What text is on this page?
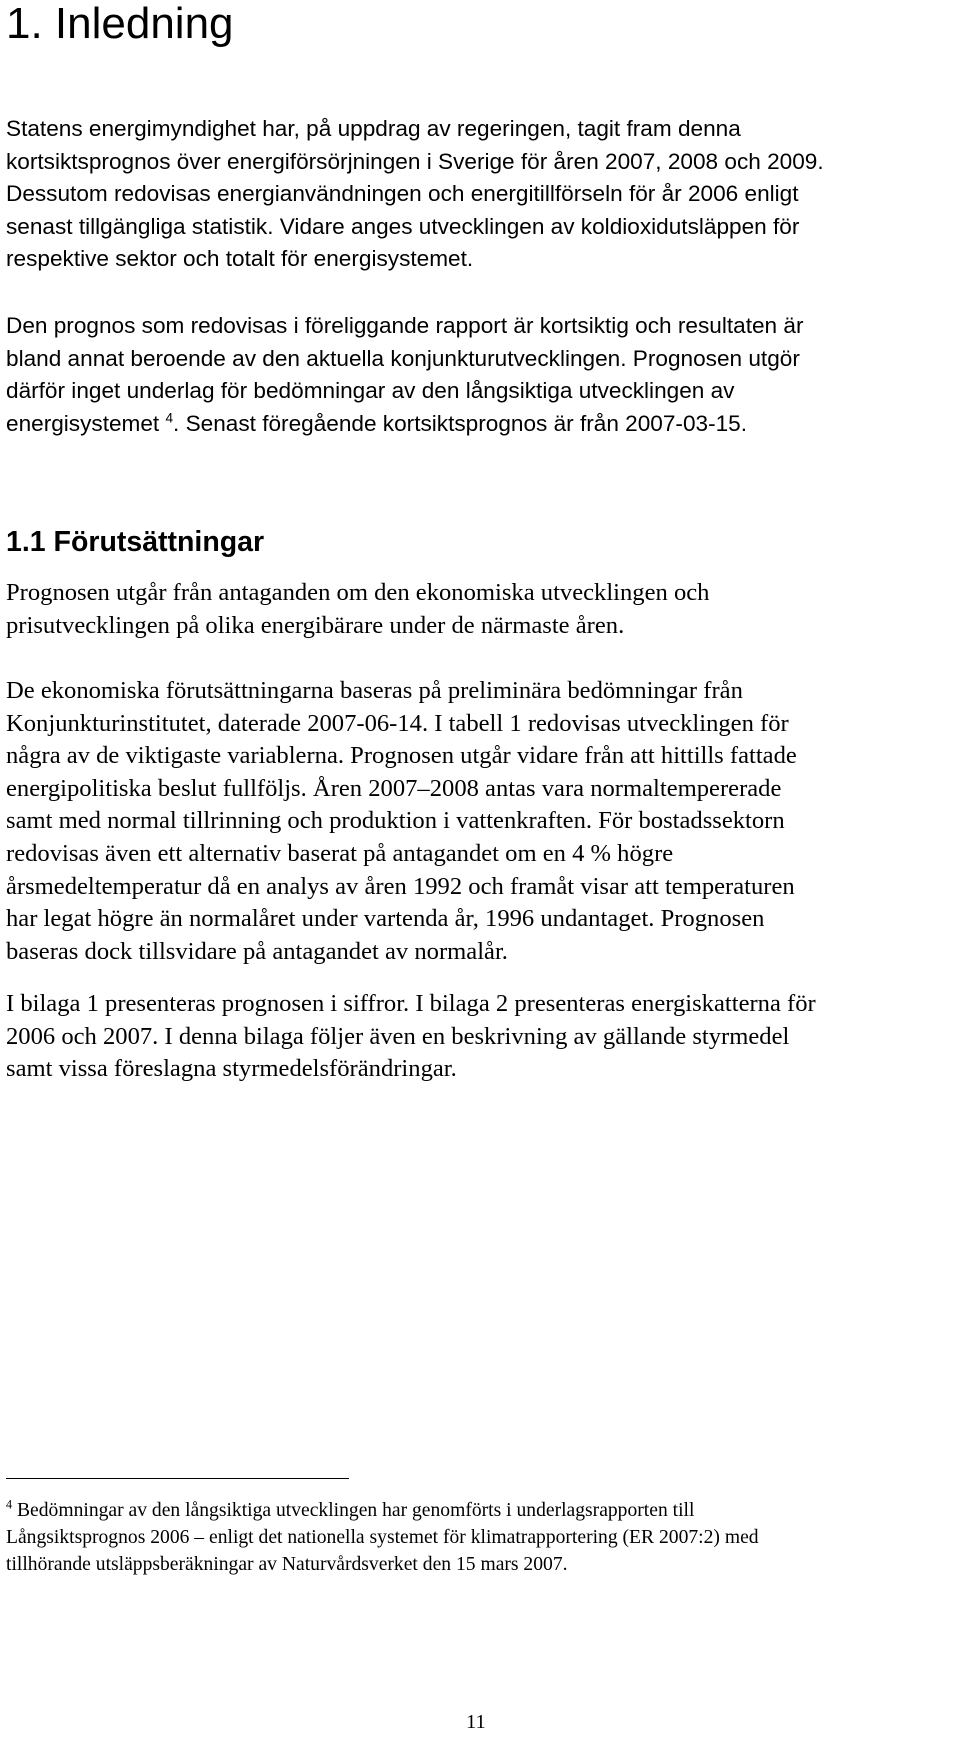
1. Inledning

Statens energimyndighet har, på uppdrag av regeringen, tagit fram denna
kortsiktsprognos över energiförsörjningen i Sverige för åren 2007, 2008 och 2009.
Dessutom redovisas energianvändningen och energitillförseln för år 2006 enligt
senast tillgängliga statistik. Vidare anges utvecklingen av koldioxidutsläppen för
respektive sektor och totalt för energisystemet.

Den prognos som redovisas i föreliggande rapport är kortsiktig och resultaten är
bland annat beroende av den aktuella konjunkturutvecklingen. Prognosen utgör
därför inget underlag för bedömningar av den långsiktiga utvecklingen av
energisystemet $^4$. Senast föregående kortsiktsprognos är från 2007-03-15.

1.1 Förutsättningar

Prognosen utgår från antaganden om den ekonomiska utvecklingen och
prisutvecklingen på olika energibärare under de närmaste åren.

De ekonomiska förutsättningarna baseras på preliminära bedömningar från
Konjunkturinstitutet, daterade 2007-06-14. I tabell 1 redovisas utvecklingen för
några av de viktigaste variablerna. Prognosen utgår vidare från att hittills fattade
energipolitiska beslut fullföljs. Åren 2007–2008 antas vara normaltempererade
samt med normal tillrinning och produktion i vattenkraften. För bostadssektorn
redovisas även ett alternativ baserat på antagandet om en 4 % högre
årsmedeltemperatur då en analys av åren 1992 och framåt visar att temperaturen
har legat högre än normalåret under vartenda år, 1996 undantaget. Prognosen
baseras dock tillsvidare på antagandet av normalår.

I bilaga 1 presenteras prognosen i siffror. I bilaga 2 presenteras energiskatterna för
2006 och 2007. I denna bilaga följer även en beskrivning av gällande styrmedel
samt vissa föreslagna styrmedelsförändringar.

$^4$ Bedömningar av den långsiktiga utvecklingen har genomförts i underlagsrapporten till
Långsiktsprognos 2006 – enligt det nationella systemet för klimatrapportering (ER 2007:2) med
tillhörande utsläppsberäkningar av Naturvårdsverket den 15 mars 2007.

11
